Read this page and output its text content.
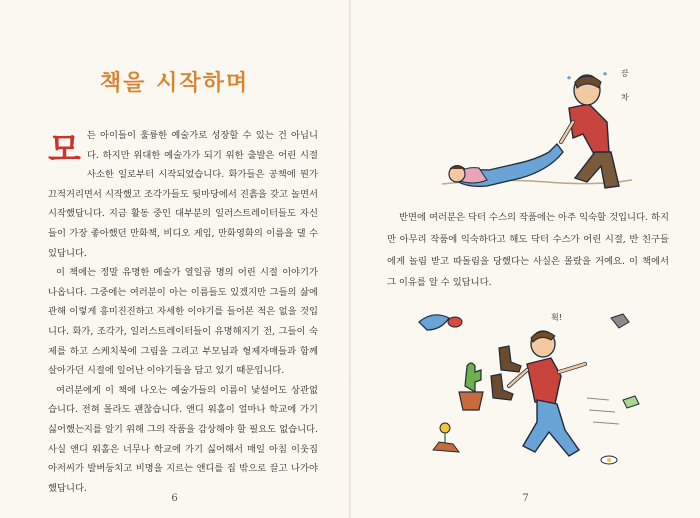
책을 시작하며

모든 아이들이 훌륭한 예술가로 성장할 수 있는 건 아닙니다. 하지만 위대한 예술가가 되기 위한 출발은 어린 시절 사소한 일로부터 시작되었습니다. 화가들은 공책에 뭔가 끄적거리면서 시작했고 조각가들도 뒷마당에서 진흙을 갖고 놀면서 시작했답니다. 지금 활동 중인 대부분의 일러스트레이터들도 자신들이 가장 좋아했던 만화책, 비디오 게임, 만화영화의 이름을 댈 수 있답니다.

이 책에는 정말 유명한 예술가 열일곱 명의 어린 시절 이야기가 나옵니다. 그중에는 여러분이 아는 이름들도 있겠지만 그들의 삶에 관해 이렇게 흥미진진하고 자세한 이야기를 들어본 적은 없을 것입니다. 화가, 조각가, 일러스트레이터들이 유명해지기 전, 그들이 숙제를 하고 스케치북에 그림을 그리고 부모님과 형제자매들과 함께 살아가던 시절에 일어난 이야기들을 담고 있기 때문입니다.

여러분에게 이 책에 나오는 예술가들의 이름이 낯설어도 상관없습니다. 전혀 몰라도 괜찮습니다. 앤디 워홀이 얼마나 학교에 가기 싫어했는지를 알기 위해 그의 작품을 감상해야 할 필요도 없습니다. 사실 앤디 워홀은 너무나 학교에 가기 싫어해서 매일 아침 이웃집 아저씨가 발버둥치고 비명을 지르는 앤디를 집 밖으로 끌고 나가야 했답니다.

6
끙
차

반면에 여러분은 닥터 수스의 작품에는 아주 익숙할 것입니다. 하지만 아무리 작품에 익숙하다고 해도 닥터 수스가 어린 시절, 반 친구들에게 놀림 받고 따돌림을 당했다는 사실은 몰랐을 거예요. 이 책에서 그 이유를 알 수 있답니다.

휙!
7
